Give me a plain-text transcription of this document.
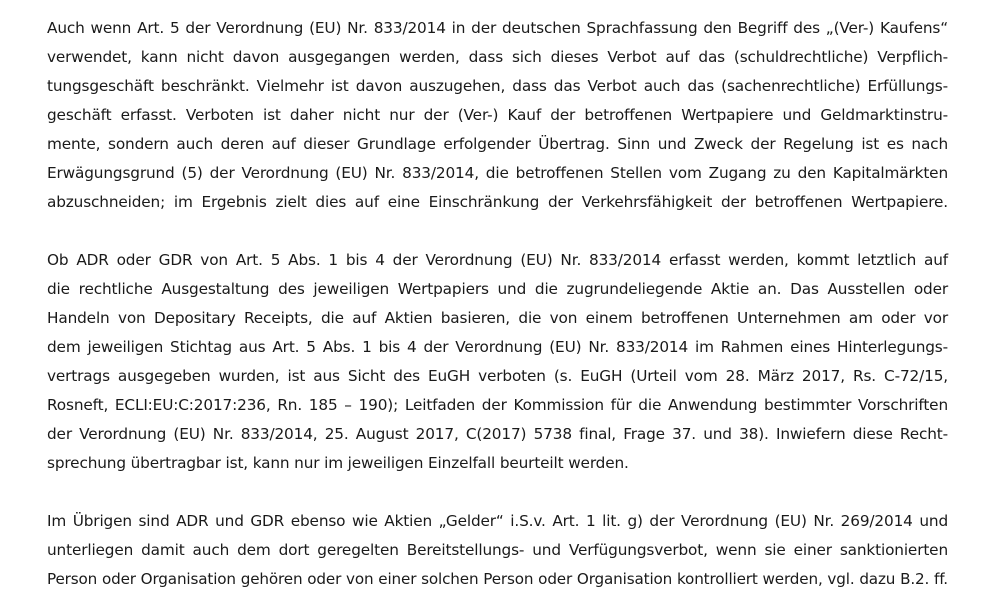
Auch wenn Art. 5 der Verordnung (EU) Nr. 833/2014 in der deutschen Sprachfassung den Begriff des „(Ver-) Kaufens“
verwendet, kann nicht davon ausgegangen werden, dass sich dieses Verbot auf das (schuldrechtliche) Verpflich-
tungsgeschäft beschränkt. Vielmehr ist davon auszugehen, dass das Verbot auch das (sachenrechtliche) Erfüllungs-
geschäft erfasst. Verboten ist daher nicht nur der (Ver-) Kauf der betroffenen Wertpapiere und Geldmarktinstru-
mente, sondern auch deren auf dieser Grundlage erfolgender Übertrag. Sinn und Zweck der Regelung ist es nach
Erwägungsgrund (5) der Verordnung (EU) Nr. 833/2014, die betroffenen Stellen vom Zugang zu den Kapitalmärkten
abzuschneiden; im Ergebnis zielt dies auf eine Einschränkung der Verkehrsfähigkeit der betroffenen Wertpapiere.
Ob ADR oder GDR von Art. 5 Abs. 1 bis 4 der Verordnung (EU) Nr. 833/2014 erfasst werden, kommt letztlich auf
die rechtliche Ausgestaltung des jeweiligen Wertpapiers und die zugrundeliegende Aktie an. Das Ausstellen oder
Handeln von Depositary Receipts, die auf Aktien basieren, die von einem betroffenen Unternehmen am oder vor
dem jeweiligen Stichtag aus Art. 5 Abs. 1 bis 4 der Verordnung (EU) Nr. 833/2014 im Rahmen eines Hinterlegungs-
vertrags ausgegeben wurden, ist aus Sicht des EuGH verboten (s. EuGH (Urteil vom 28. März 2017, Rs. C-72/15,
Rosneft, ECLI:EU:C:2017:236, Rn. 185 – 190); Leitfaden der Kommission für die Anwendung bestimmter Vorschriften
der Verordnung (EU) Nr. 833/2014, 25. August 2017, C(2017) 5738 final, Frage 37. und 38). Inwiefern diese Recht-
sprechung übertragbar ist, kann nur im jeweiligen Einzelfall beurteilt werden.
Im Übrigen sind ADR und GDR ebenso wie Aktien „Gelder“ i.S.v. Art. 1 lit. g) der Verordnung (EU) Nr. 269/2014 und
unterliegen damit auch dem dort geregelten Bereitstellungs- und Verfügungsverbot, wenn sie einer sanktionierten
Person oder Organisation gehören oder von einer solchen Person oder Organisation kontrolliert werden, vgl. dazu B.2. ff.
